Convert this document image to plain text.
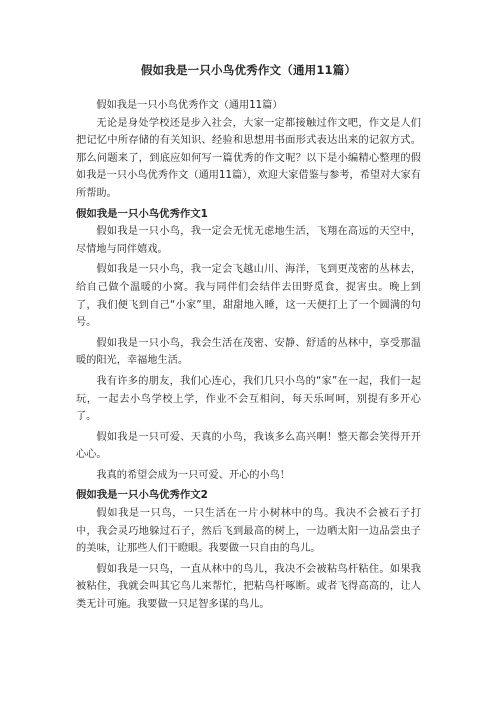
假如我是一只小鸟优秀作文（通用11篇）

假如我是一只小鸟优秀作文（通用11篇）

无论是身处学校还是步入社会，大家一定都接触过作文吧，作文是人们把记忆中所存储的有关知识、经验和思想用书面形式表达出来的记叙方式。那么问题来了，到底应如何写一篇优秀的作文呢？以下是小编精心整理的假如我是一只小鸟优秀作文（通用11篇），欢迎大家借鉴与参考，希望对大家有所帮助。

假如我是一只小鸟优秀作文1

假如我是一只小鸟，我一定会无忧无虑地生活，飞翔在高远的天空中，尽情地与同伴嬉戏。

假如我是一只小鸟，我一定会飞越山川、海洋，飞到更茂密的丛林去，给自己做个温暖的小窝。我与同伴们会结伴去田野觅食，捉害虫。晚上到了，我们便飞到自己“小家”里，甜甜地入睡，这一天便打上了一个圆满的句号。

假如我是一只小鸟，我会生活在茂密、安静、舒适的丛林中，享受那温暖的阳光，幸福地生活。

我有许多的朋友，我们心连心，我们几只小鸟的“家”在一起，我们一起玩，一起去小鸟学校上学，作业不会互相问，每天乐呵呵，别提有多开心了。

假如我是一只可爱、天真的小鸟，我该多么高兴啊！整天都会笑得开开心心。

我真的希望会成为一只可爱、开心的小鸟！

假如我是一只小鸟优秀作文2

假如我是一只鸟，一只生活在一片小树林中的鸟。我决不会被石子打中，我会灵巧地躲过石子，然后飞到最高的树上，一边晒太阳一边品尝虫子的美味，让那些人们干瞪眼。我要做一只自由的鸟儿。

假如我是一只鸟，一直从林中的鸟儿，我决不会被粘鸟杆粘住。如果我被粘住，我就会叫其它鸟儿来帮忙，把粘鸟杆啄断。或者飞得高高的，让人类无计可施。我要做一只足智多谋的鸟儿。
